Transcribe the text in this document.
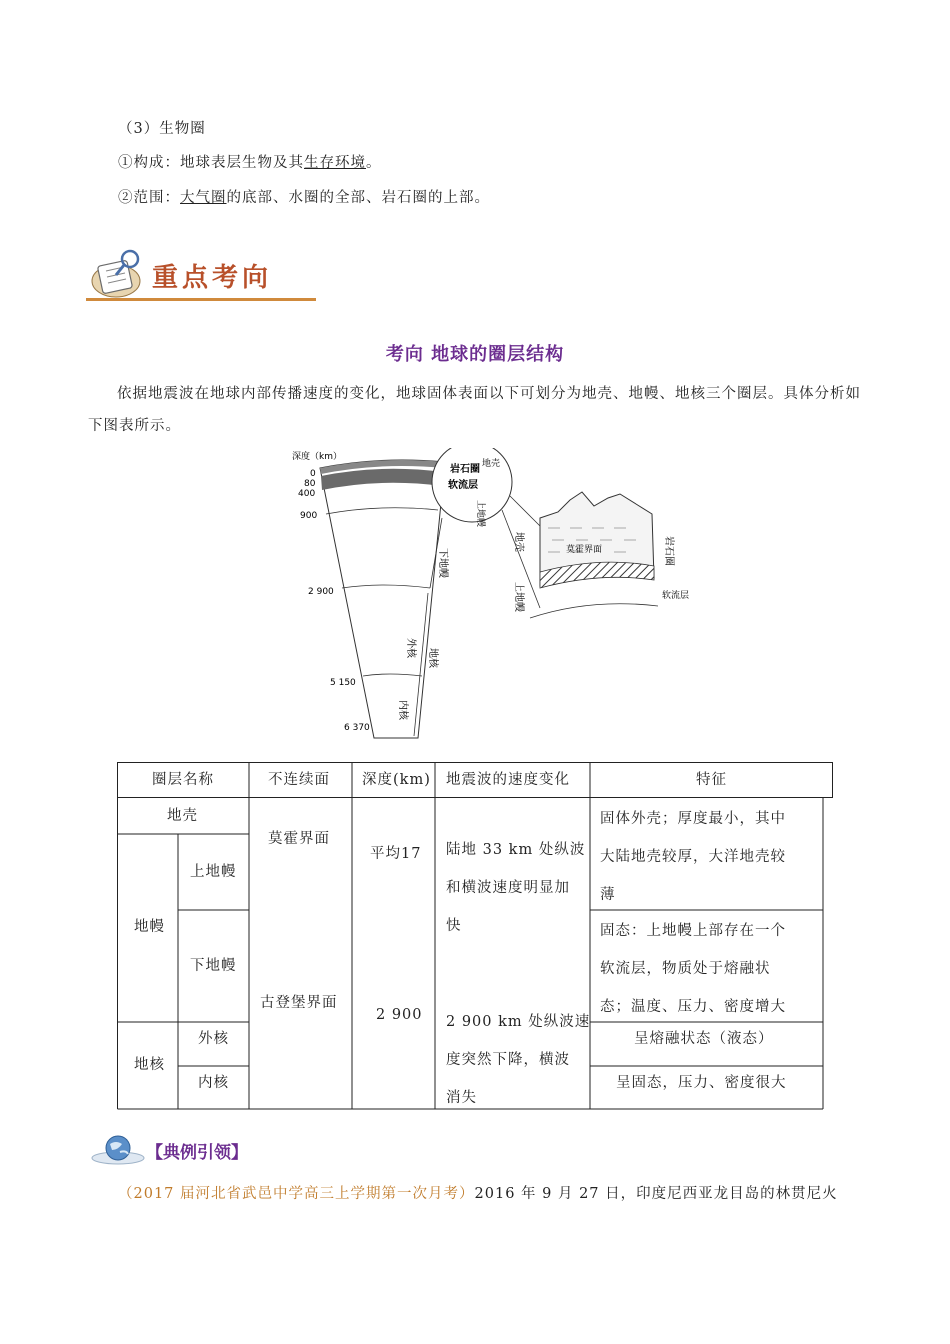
（3）生物圈
①构成：地球表层生物及其生存环境。
②范围：大气圈的底部、水圈的全部、岩石圈的上部。
重点考向
考向 地球的圈层结构
依据地震波在地球内部传播速度的变化，地球固体表面以下可划分为地壳、地幔、地核三个圈层。具体分析如下图表所示。
深度（km）
0
80
400
900
2 900
5 150
6 370
下地幔
外核 地核
内核
岩石圈
软流层
地壳
上地幔
莫霍界面
地壳
上地幔
岩石圈
软流层
圈层名称	不连续面 深度(km) 地震波的速度变化	特征
地壳
地幔
上地幔
下地幔
地核
外核
内核
莫霍界面
古登堡界面
平均17
2 900
陆地 33 km 处纵波
和横波速度明显加
快
2 900 km 处纵波速
度突然下降，横波
消失
固体外壳；厚度最小，其中
大陆地壳较厚，大洋地壳较
薄
固态：上地幔上部存在一个
软流层，物质处于熔融状
态；温度、压力、密度增大
呈熔融状态（液态）
呈固态，压力、密度很大
【典例引领】
（2017 届河北省武邑中学高三上学期第一次月考）2016 年 9 月 27 日，印度尼西亚龙目岛的林贯尼火
